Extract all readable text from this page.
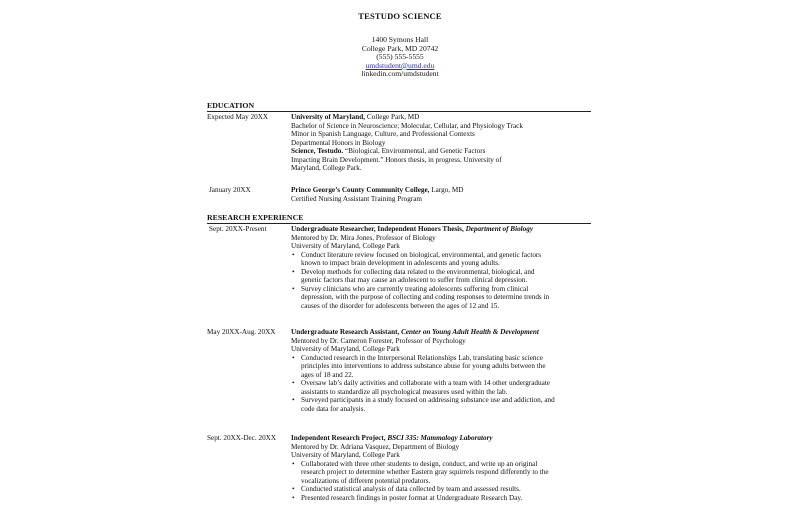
TESTUDO SCIENCE
1400 Symons Hall
College Park, MD 20742
(555) 555-5555
umdstudent@umd.edu
linkedin.com/umdstudent
EDUCATION
Expected May 20XX	University of Maryland, College Park, MD
Bachelor of Science in Neuroscience; Molecular, Cellular, and Physiology Track
Minor in Spanish Language, Culture, and Professional Contexts
Departmental Honors in Biology
Science, Testudo. “Biological, Environmental, and Genetic Factors
Impacting Brain Development.” Honors thesis, in progress. University of
Maryland, College Park.
January 20XX	Prince George’s County Community College, Largo, MD
Certified Nursing Assistant Training Program
RESEARCH EXPERIENCE
Sept. 20XX-Present	Undergraduate Researcher, Independent Honors Thesis, Department of Biology
Mentored by Dr. Mira Jones, Professor of Biology
University of Maryland, College Park
• Conduct literature review focused on biological, environmental, and genetic factors
known to impact brain development in adolescents and young adults.
• Develop methods for collecting data related to the environmental, biological, and
genetic factors that may cause an adolescent to suffer from clinical depression.
• Survey clinicians who are currently treating adolescents suffering from clinical
depression, with the purpose of collecting and coding responses to determine trends in
causes of the disorder for adolescents between the ages of 12 and 15.
May 20XX-Aug. 20XX Undergraduate Research Assistant, Center on Young Adult Health & Development
Mentored by Dr. Cameron Forester, Professor of Psychology
University of Maryland, College Park
• Conducted research in the Interpersonal Relationships Lab, translating basic science
principles into interventions to address substance abuse for young adults between the
ages of 18 and 22.
• Oversaw lab’s daily activities and collaborate with a team with 14 other undergraduate
assistants to standardize all psychological measures used within the lab.
• Surveyed participants in a study focused on addressing substance use and addiction, and
code data for analysis.
Sept. 20XX-Dec. 20XX Independent Research Project, BSCI 335: Mammalogy Laboratory
Mentored by Dr. Adriana Vasquez, Department of Biology
University of Maryland, College Park
• Collaborated with three other students to design, conduct, and write up an original
research project to determine whether Eastern gray squirrels respond differently to the
vocalizations of different potential predators.
• Conducted statistical analysis of data collected by team and assessed results.
• Presented research findings in poster format at Undergraduate Research Day.
